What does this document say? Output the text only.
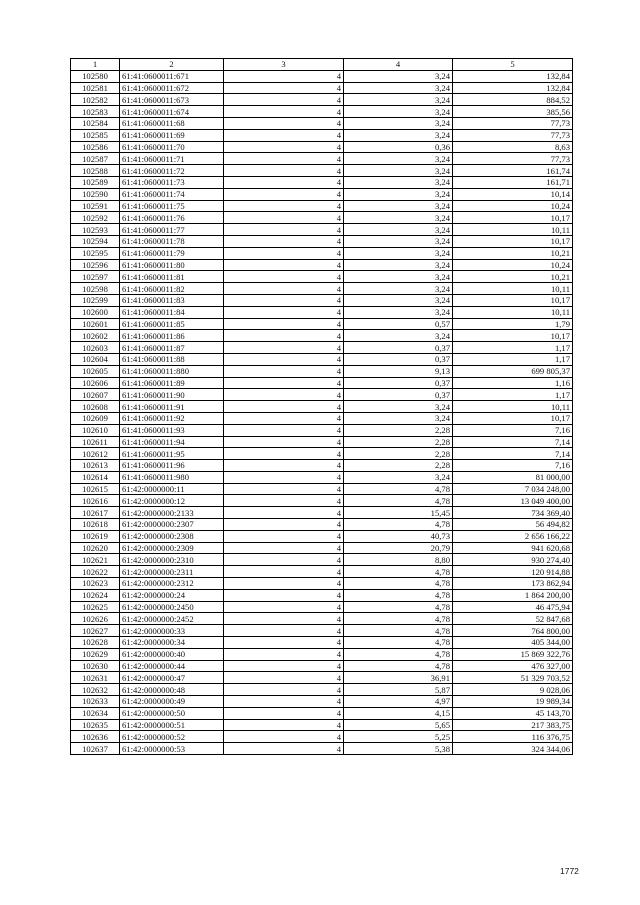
1	2	3	4	5
102580	61:41:0600011:671	4	3,24	132,84
102581	61:41:0600011:672	4	3,24	132,84
102582	61:41:0600011:673	4	3,24	884,52
102583	61:41:0600011:674	4	3,24	385,56
102584	61:41:0600011:68	4	3,24	77,73
102585	61:41:0600011:69	4	3,24	77,73
102586	61:41:0600011:70	4	0,36	8,63
102587	61:41:0600011:71	4	3,24	77,73
102588	61:41:0600011:72	4	3,24	161,74
102589	61:41:0600011:73	4	3,24	161,71
102590	61:41:0600011:74	4	3,24	10,14
102591	61:41:0600011:75	4	3,24	10,24
102592	61:41:0600011:76	4	3,24	10,17
102593	61:41:0600011:77	4	3,24	10,11
102594	61:41:0600011:78	4	3,24	10,17
102595	61:41:0600011:79	4	3,24	10,21
102596	61:41:0600011:80	4	3,24	10,24
102597	61:41:0600011:81	4	3,24	10,21
102598	61:41:0600011:82	4	3,24	10,11
102599	61:41:0600011:83	4	3,24	10,17
102600	61:41:0600011:84	4	3,24	10,11
102601	61:41:0600011:85	4	0,57	1,79
102602	61:41:0600011:86	4	3,24	10,17
102603	61:41:0600011:87	4	0,37	1,17
102604	61:41:0600011:88	4	0,37	1,17
102605	61:41:0600011:880	4	9,13	699 805,37
102606	61:41:0600011:89	4	0,37	1,16
102607	61:41:0600011:90	4	0,37	1,17
102608	61:41:0600011:91	4	3,24	10,11
102609	61:41:0600011:92	4	3,24	10,17
102610	61:41:0600011:93	4	2,28	7,16
102611	61:41:0600011:94	4	2,28	7,14
102612	61:41:0600011:95	4	2,28	7,14
102613	61:41:0600011:96	4	2,28	7,16
102614	61:41:0600011:980	4	3,24	81 000,00
102615	61:42:0000000:11	4	4,78	7 034 248,00
102616	61:42:0000000:12	4	4,78	13 049 400,00
102617	61:42:0000000:2133	4	15,45	734 369,40
102618	61:42:0000000:2307	4	4,78	56 494,82
102619	61:42:0000000:2308	4	40,73	2 656 166,22
102620	61:42:0000000:2309	4	20,79	941 620,68
102621	61:42:0000000:2310	4	8,80	930 274,40
102622	61:42:0000000:2311	4	4,78	120 914,88
102623	61:42:0000000:2312	4	4,78	173 862,94
102624	61:42:0000000:24	4	4,78	1 864 200,00
102625	61:42:0000000:2450	4	4,78	46 475,94
102626	61:42:0000000:2452	4	4,78	52 847,68
102627	61:42:0000000:33	4	4,78	764 800,00
102628	61:42:0000000:34	4	4,78	405 344,00
102629	61:42:0000000:40	4	4,78	15 869 322,76
102630	61:42:0000000:44	4	4,78	476 327,00
102631	61:42:0000000:47	4	36,91	51 329 703,52
102632	61:42:0000000:48	4	5,87	9 028,06
102633	61:42:0000000:49	4	4,97	19 989,34
102634	61:42:0000000:50	4	4,15	45 143,70
102635	61:42:0000000:51	4	5,65	217 383,75
102636	61:42:0000000:52	4	5,25	116 376,75
102637	61:42:0000000:53	4	5,38	324 344,06
1772
